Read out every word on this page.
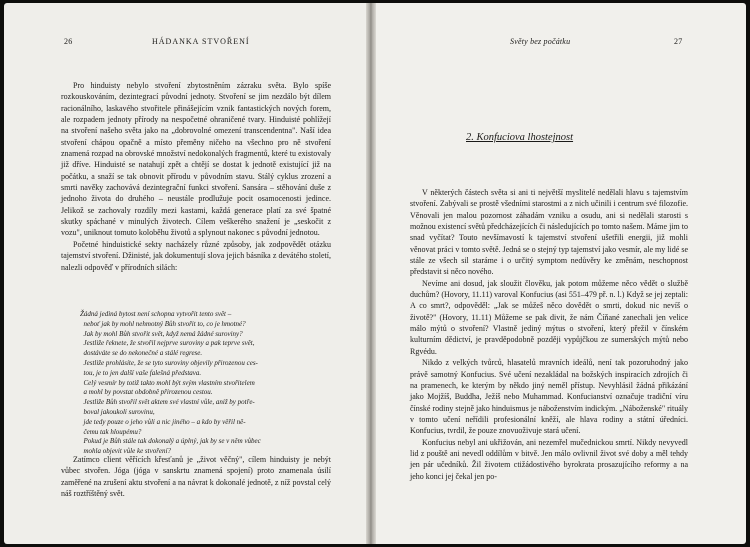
26	HÁDANKA STVOŘENÍ

Pro hinduisty nebylo stvoření zbytostněním zázraku světa. Bylo spíše rozkouskováním, dezintegrací původní jednoty. Stvoření se jim nezdálo být dílem racionálního, laskavého stvořitele přinášejícím vznik fantastických nových forem, ale rozpadem jednoty přírody na nespočetné ohraničené tvary. Hinduisté pohlížejí na stvoření našeho světa jako na „dobrovolné omezení transcendentna". Naší idea stvoření chápou opačně a místo přeměny ničeho na všechno pro ně stvoření znamená rozpad na obrovské množství nedokonalých fragmentů, které tu existovaly již dříve. Hinduisté se natahují zpět a chtějí se dostat k jednotě existující již na počátku, a snaží se tak obnovit přírodu v původním stavu. Stálý cyklus zrození a smrti navěky zachovává dezintegrační funkci stvoření. Sansára – stěhování duše z jednoho života do druhého – neustále prodlužuje pocit osamocenosti jedince. Jelikož se zachovaly rozdíly mezi kastami, každá generace platí za své špatné skutky spáchané v minulých životech. Cílem veškerého snažení je „seskočit z vozu", uniknout tomuto koloběhu životů a splynout nakonec s původní jednotou.

Početné hinduistické sekty nacházely různé způsoby, jak zodpovědět otázku tajemství stvoření. Džinisté, jak dokumentují slova jejich básníka z devátého století, nalezli odpověď v přírodních silách:

Žádná jediná bytost není schopna vytvořit tento svět –
neboť jak by mohl nehmotný Bůh stvořit to, co je hmotné?
Jak by mohl Bůh stvořit svět, když nemá žádné suroviny?
Jestliže řeknete, že stvořil nejprve suroviny a pak teprve svět,
dostáváte se do nekonečné a stálé regrese.
Jestliže prohlásíte, že se tyto suroviny objevily přirozenou ces-
tou, je to jen další vaše falešná představa.
Celý vesmír by totiž takto mohl být svým vlastním stvořitelem
a mohl by povstat obdobně přirozenou cestou.
Jestliže Bůh stvořil svět aktem své vlastní vůle, aniž by potře-
boval jakoukoli surovinu,
jde tedy pouze o jeho vůli a nic jiného – a kdo by věřil ně-
čemu tak hloupému?
Pokud je Bůh stále tak dokonalý a úplný, jak by se v něm vůbec
mohla objevit vůle ke stvoření?

Zatímco client věřících křesťanů je „život věčný", cílem hinduisty je nebýt vůbec stvořen. Jóga (jóga v sanskrtu znamená spojení) proto znamenala úsilí zaměřené na zrušení aktu stvoření a na návrat k dokonalé jednotě, z níž povstal celý náš roztříštěný svět.

Světy bez počátku	27
2. Konfuciova lhostejnost

V některých částech světa si ani ti největší myslitelé nedělali hlavu s tajemstvím stvoření. Zabývali se prostě všedními starostmi a z nich učinili i centrum své filozofie. Věnovali jen malou pozornost záhadám vzniku a osudu, ani si nedělali starosti s možnou existencí světů předcházejících či následujících po tomto našem. Máme jim to snad vyčítat? Touto nevšímavostí k tajemství stvoření ušetřili energii, již mohli věnovat práci v tomto světě. Jedná se o stejný typ tajemství jako vesmír, ale my lidé se stále ze všech sil staráme i o určitý symptom nedůvěry ke změnám, neschopnost představit si něco nového.

Nevíme ani dosud, jak sloužit člověku, jak potom můžeme něco vědět o službě duchům? (Hovory, 11.11) varoval Konfucius (asi 551–479 př. n. l.) Když se jej zeptali: A co smrt?, odpověděl: „Jak se můžeš něco dovědět o smrti, dokud nic nevíš o životě?" (Hovory, 11.11) Můžeme se pak divit, že nám Číňané zanechali jen velice málo mýtů o stvoření? Vlastně jediný mýtus o stvoření, který přežil v čínském kulturním dědictví, je pravděpodobně později vypůjčkou ze sumerských mýtů nebo Rgvédu.

Nikdo z velkých tvůrců, hlasatelů mravních ideálů, není tak pozoruhodný jako právě samotný Konfucius. Své učení nezakládal na božských inspiracích zdrojích či na pramenech, ke kterým by někdo jiný neměl přístup. Nevyhlásil žádná přikázání jako Mojžíš, Buddha, Ježíš nebo Muhammad. Konfucianství označuje tradiční víru čínské rodiny stejně jako hinduismus je náboženstvím indickým. „Náboženské" rituály v tomto učení neřídili profesionální kněží, ale hlava rodiny a státní úředníci. Konfucius, tvrdil, že pouze znovuoživuje stará učení.

Konfucius nebyl ani ukřižován, ani nezemřel mučednickou smrtí. Nikdy nevyvedl lid z pouště ani nevedl oddílům v bitvě. Jen málo ovlivnil život své doby a měl tehdy jen pár učedníků. Žil životem ctižádostivého byrokrata prosazujícího reformy a na jeho konci jej čekal jen po-
